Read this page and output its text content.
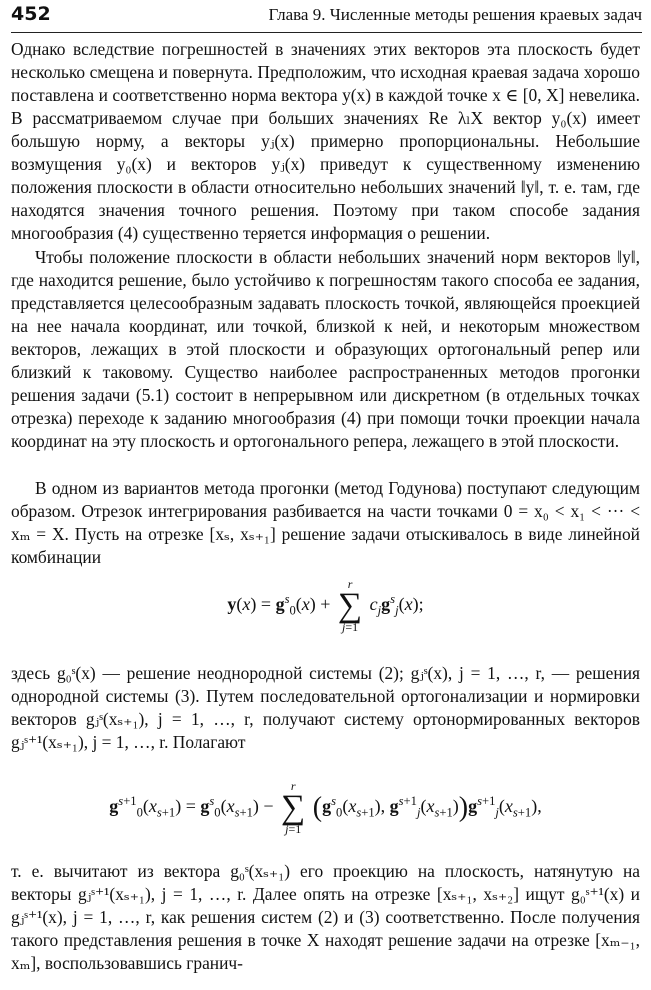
452	Глава 9. Численные методы решения краевых задач

Однако вследствие погрешностей в значениях этих векторов эта плоскость будет несколько смещена и повернута. Предположим, что исходная краевая задача хорошо поставлена и соответственно норма вектора y(x) в каждой точке x ∈ [0, X] невелика. В рассматриваемом случае при больших значениях Re λₗX вектор y₀(x) имеет большую норму, а векторы yⱼ(x) примерно пропорциональны. Небольшие возмущения y₀(x) и векторов yⱼ(x) приведут к существенному изменению положения плоскости в области относительно небольших значений ‖y‖, т. е. там, где находятся значения точного решения. Поэтому при таком способе задания многообразия (4) существенно теряется информация о решении.

Чтобы положение плоскости в области небольших значений норм векторов ‖y‖, где находится решение, было устойчиво к погрешностям такого способа ее задания, представляется целесообразным задавать плоскость точкой, являющейся проекцией на нее начала координат, или точкой, близкой к ней, и некоторым множеством векторов, лежащих в этой плоскости и образующих ортогональный репер или близкий к таковому. Существо наиболее распространенных методов прогонки решения задачи (5.1) состоит в непрерывном или дискретном (в отдельных точках отрезка) переходе к заданию многообразия (4) при помощи точки проекции начала координат на эту плоскость и ортогонального репера, лежащего в этой плоскости.

В одном из вариантов метода прогонки (метод Годунова) поступают следующим образом. Отрезок интегрирования разбивается на части точками 0 = x₀ < x₁ < ··· < xₘ = X. Пусть на отрезке [xₛ, xₛ₊₁] решение задачи отыскивалось в виде линейной комбинации

$y(x) = g^s_0(x) + r$
∑
j=1 $c_jg^s_j(x)$;

здесь g₀ˢ(x) — решение неоднородной системы (2); gⱼˢ(x), j = 1, …, r, — решения однородной системы (3). Путем последовательной ортогонализации и нормировки векторов gⱼˢ(xₛ₊₁), j = 1, …, r, получают систему ортонормированных векторов gⱼˢ⁺¹(xₛ₊₁), j = 1, …, r. Полагают

$g^{s+1}_0(x_{s+1}) = g^s_0(x_{s+1}) - r$
∑
j=1 ($g^s_0(x_{s+1})$, $g^{s+1}_j(x_{s+1}))g^{s+1}_j(x_{s+1})$,

т. е. вычитают из вектора g₀ˢ(xₛ₊₁) его проекцию на плоскость, натянутую на векторы gⱼˢ⁺¹(xₛ₊₁), j = 1, …, r. Далее опять на отрезке [xₛ₊₁, xₛ₊₂] ищут g₀ˢ⁺¹(x) и gⱼˢ⁺¹(x), j = 1, …, r, как решения систем (2) и (3) соответственно. После получения такого представления решения в точке X находят решение задачи на отрезке [xₘ₋₁, xₘ], воспользовавшись гранич-
